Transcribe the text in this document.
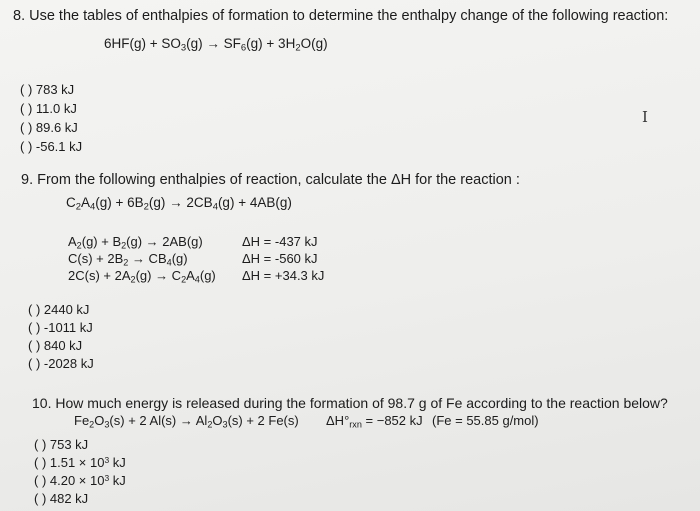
8. Use the tables of enthalpies of formation to determine the enthalpy change of the following reaction:
$6HF(g) + SO_3(g) \to SF_6(g) + 3H_2O(g)$
( ) 783 kJ
( ) 11.0 kJ
( ) 89.6 kJ
( ) -56.1 kJ
I
9. From the following enthalpies of reaction, calculate the ΔH for the reaction :
$C_2A_4(g) + 6B_2(g) \to 2CB_4(g) + 4AB(g)$
$A_2(g) + B_2(g) \to 2AB(g)$
$C(s) + 2B_2 \to CB_4(g)$
$2C(s) + 2A_2(g) \to C_2A_4(g)$
ΔH = -437 kJ
ΔH = -560 kJ
ΔH = +34.3 kJ
( ) 2440 kJ
( ) -1011 kJ
( ) 840 kJ
( ) -2028 kJ
10. How much energy is released during the formation of 98.7 g of Fe according to the reaction below?
$Fe_2O_3(s) + 2$ $Al(s) \to Al_2O_3(s) + 2$ Fe(s) $\Delta H^\circ_{rxn} = -852$ kJ (Fe = 55.85 g/mol)
( ) 753 kJ
( ) $1.51 \times 10^3$ kJ
( ) $4.20 \times 10^3$ kJ
( ) 482 kJ
